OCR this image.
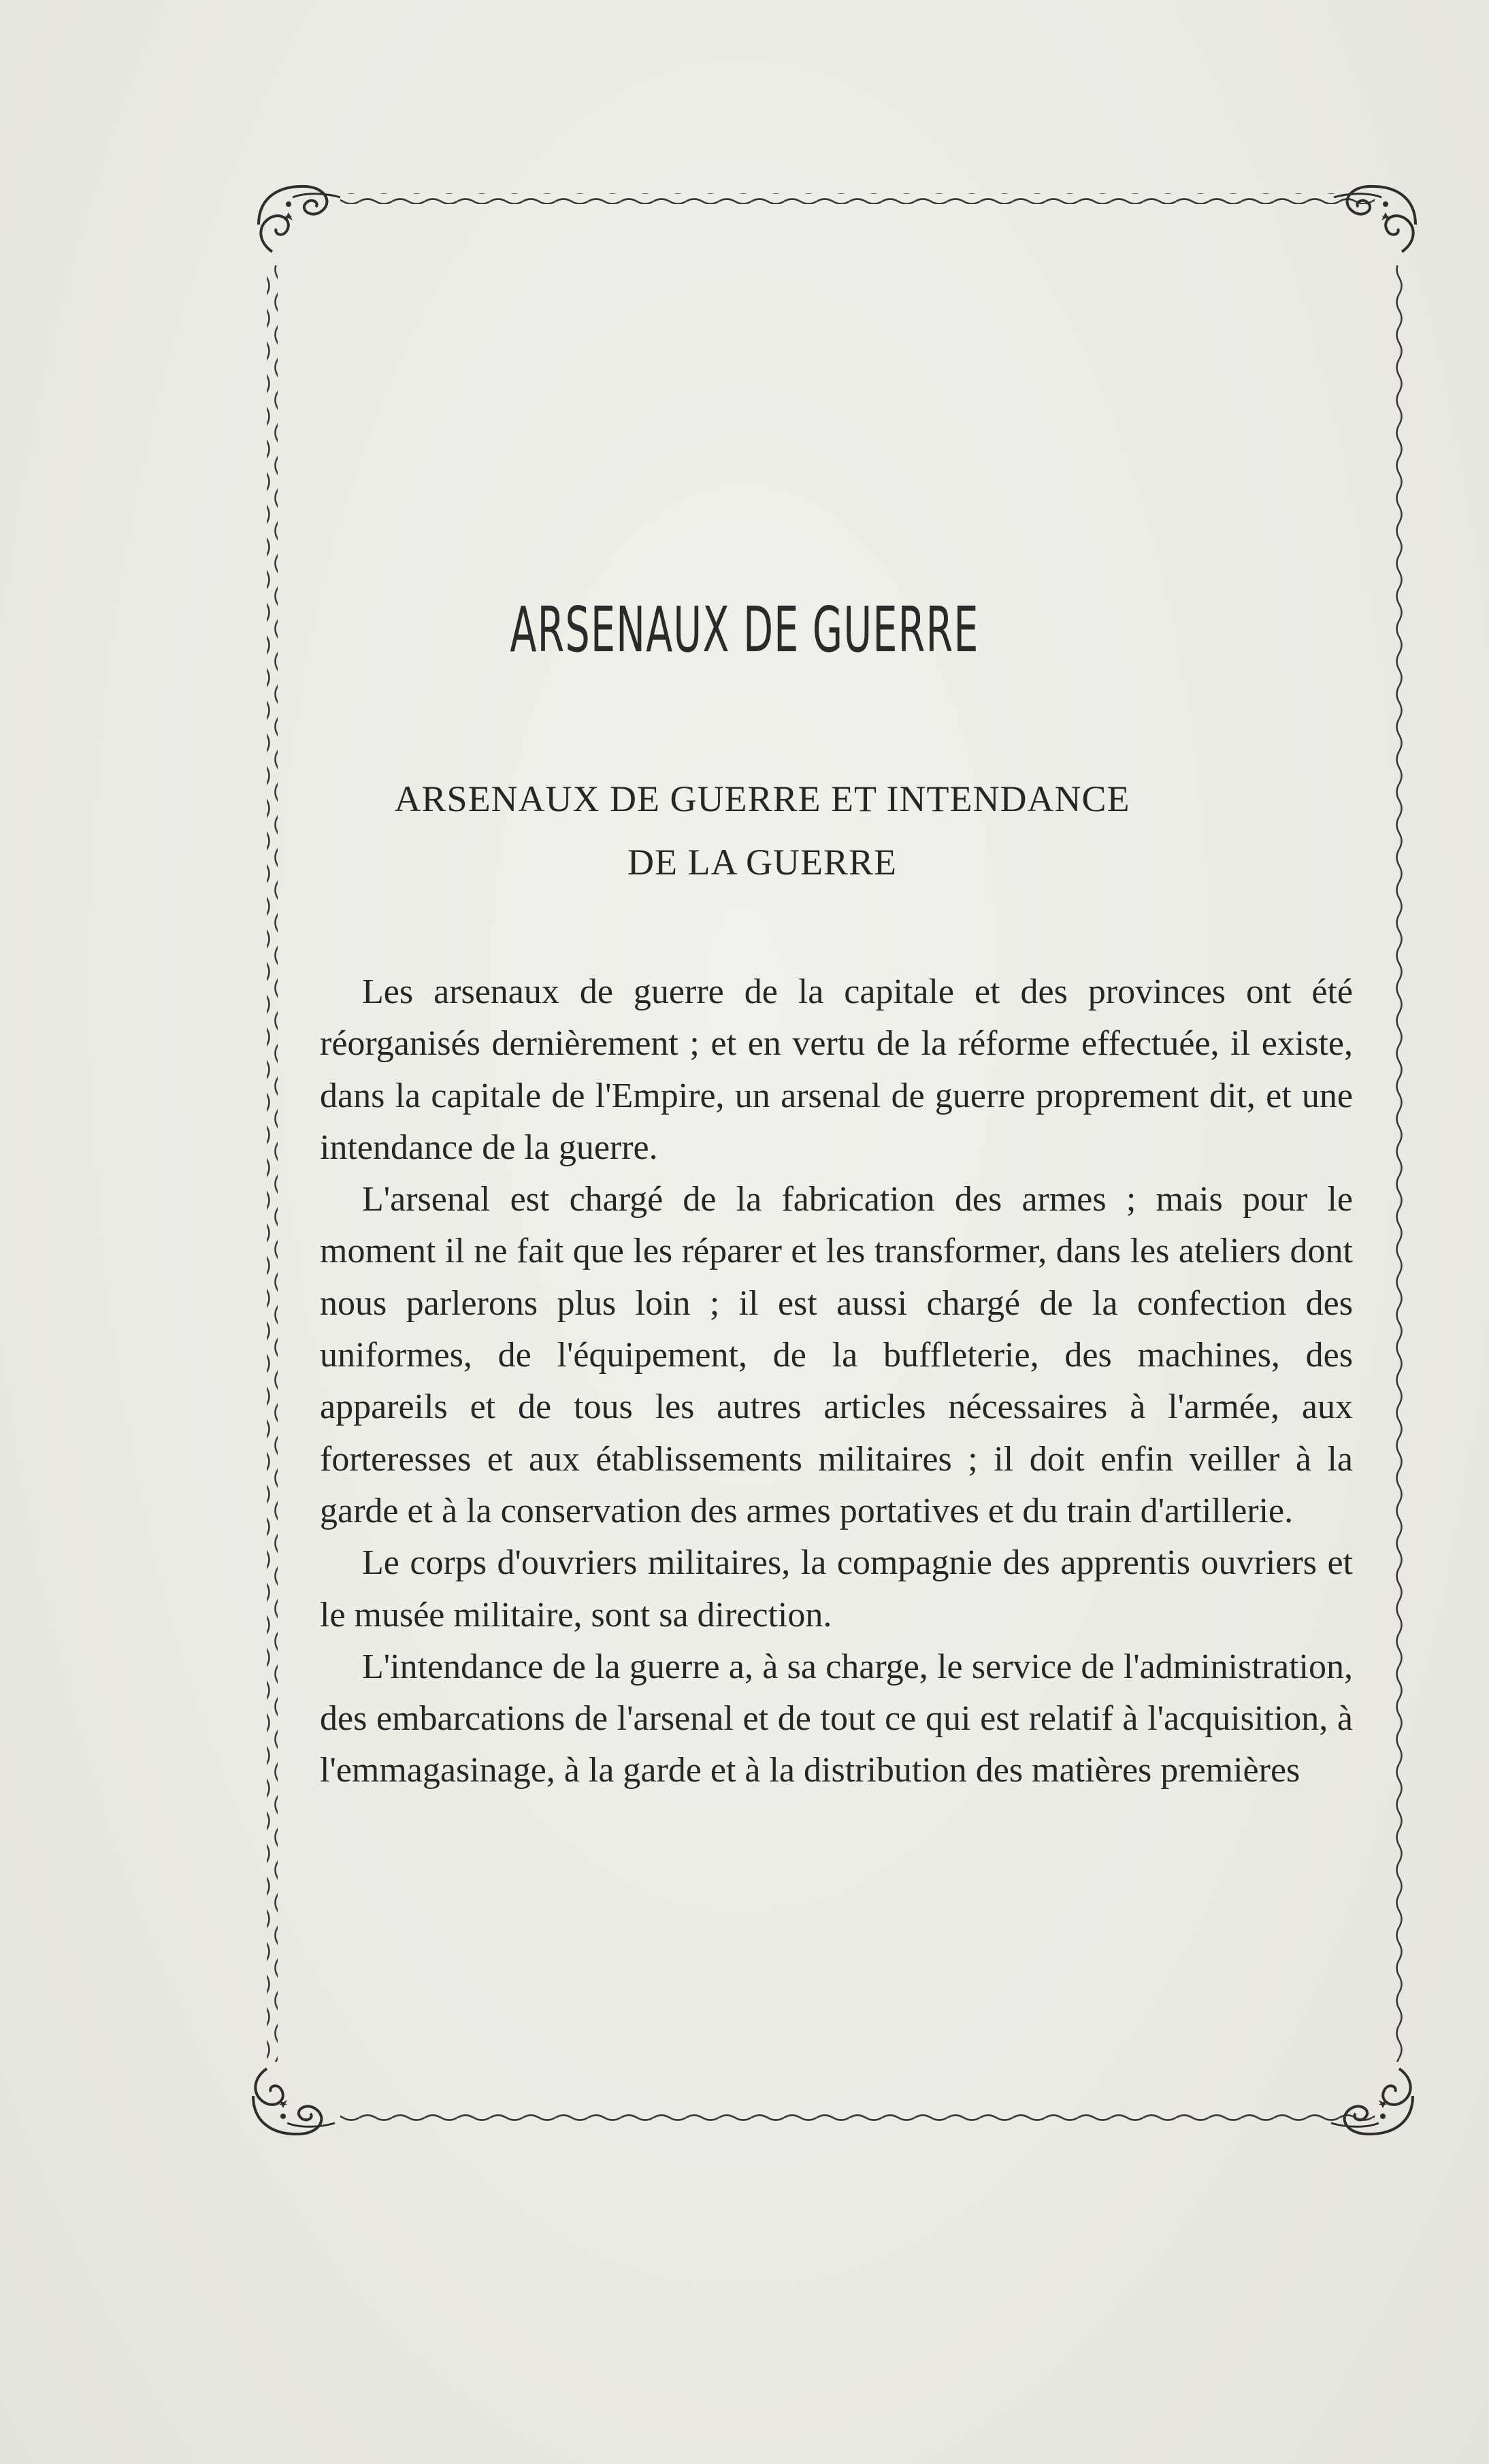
ARSENAUX DE GUERRE
ARSENAUX DE GUERRE ET INTENDANCE
DE LA GUERRE

Les arsenaux de guerre de la capitale et des provinces ont été réorganisés dernièrement ; et en vertu de la réforme effectuée, il existe, dans la capitale de l'Empire, un arsenal de guerre proprement dit, et une intendance de la guerre.

L'arsenal est chargé de la fabrication des armes ; mais pour le moment il ne fait que les réparer et les transformer, dans les ateliers dont nous parlerons plus loin ; il est aussi chargé de la confection des uniformes, de l'équipement, de la buffleterie, des machines, des appareils et de tous les autres articles nécessaires à l'armée, aux forteresses et aux établissements militaires ; il doit enfin veiller à la garde et à la conservation des armes portatives et du train d'artillerie.

Le corps d'ouvriers militaires, la compagnie des apprentis ouvriers et le musée militaire, sont sa direction.

L'intendance de la guerre a, à sa charge, le service de l'administration, des embarcations de l'arsenal et de tout ce qui est relatif à l'acquisition, à l'emmagasinage, à la garde et à la distribution des matières premières
